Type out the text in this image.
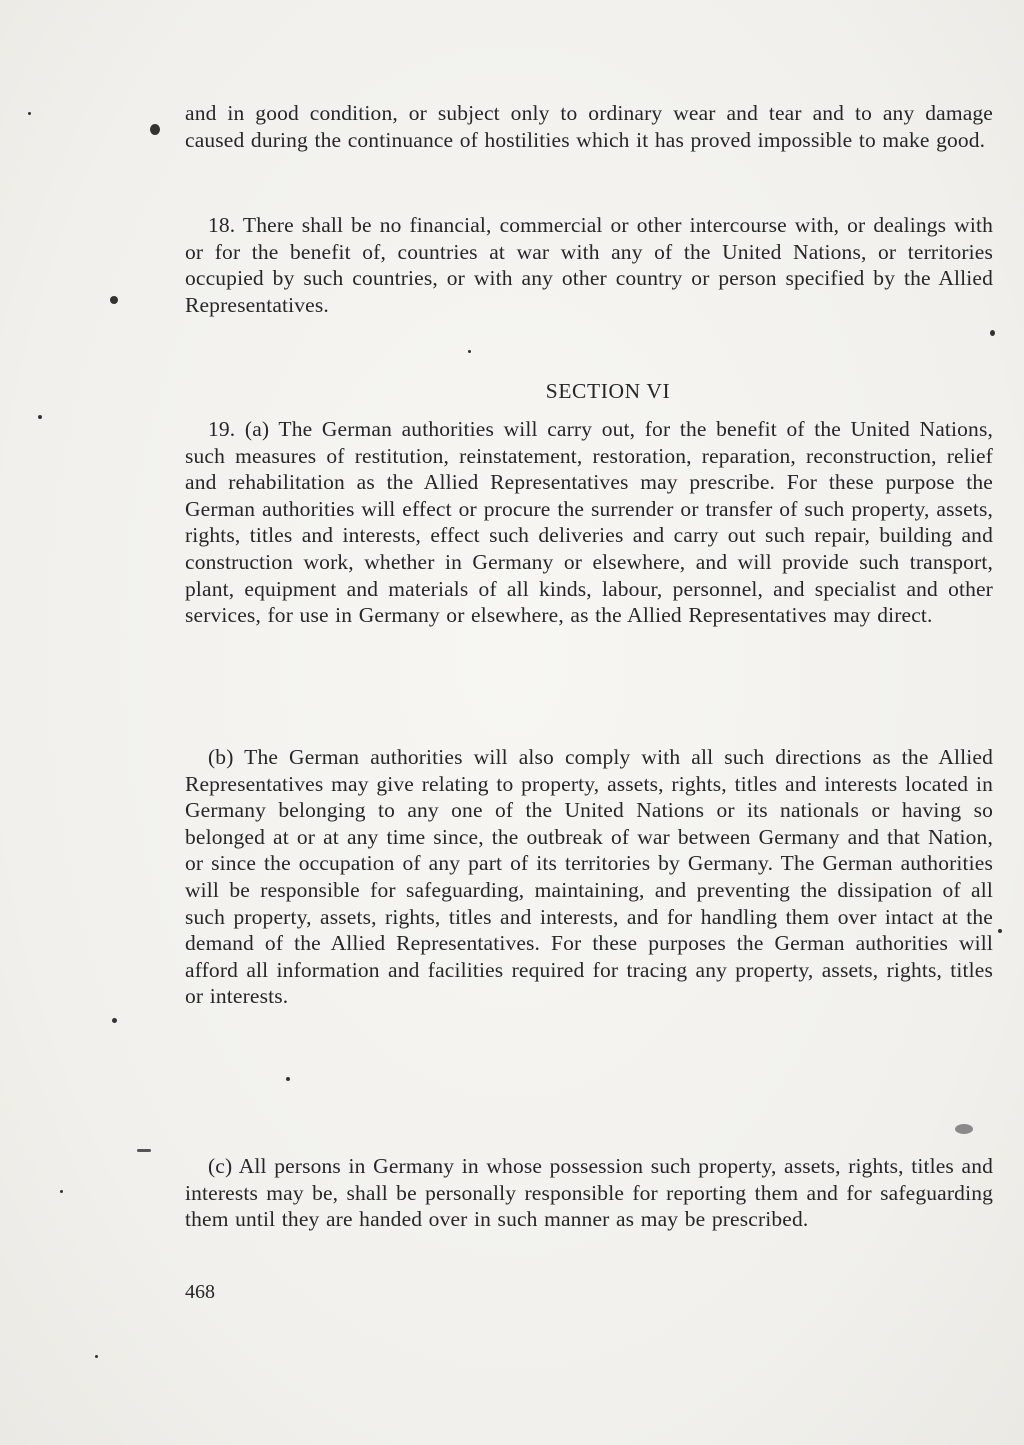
and in good condition, or subject only to ordinary wear and tear and to any damage caused during the continuance of hostilities which it has proved impossible to make good.

18. There shall be no financial, commercial or other intercourse with, or dealings with or for the benefit of, countries at war with any of the United Nations, or territories occupied by such countries, or with any other country or person specified by the Allied Representatives.

SECTION VI

19. (a) The German authorities will carry out, for the benefit of the United Nations, such measures of restitution, reinstatement, restoration, reparation, reconstruction, relief and rehabilitation as the Allied Representatives may prescribe. For these purpose the German authorities will effect or procure the surrender or transfer of such property, assets, rights, titles and interests, effect such deliveries and carry out such repair, building and construction work, whether in Germany or elsewhere, and will provide such transport, plant, equipment and materials of all kinds, labour, personnel, and specialist and other services, for use in Germany or elsewhere, as the Allied Representatives may direct.

(b) The German authorities will also comply with all such directions as the Allied Representatives may give relating to property, assets, rights, titles and interests located in Germany belonging to any one of the United Nations or its nationals or having so belonged at or at any time since, the outbreak of war between Germany and that Nation, or since the occupation of any part of its territories by Germany. The German authorities will be responsible for safeguarding, maintaining, and preventing the dissipation of all such property, assets, rights, titles and interests, and for handling them over intact at the demand of the Allied Representatives. For these purposes the German authorities will afford all information and facilities required for tracing any property, assets, rights, titles or interests.

(c) All persons in Germany in whose possession such property, assets, rights, titles and interests may be, shall be personally responsible for reporting them and for safeguarding them until they are handed over in such manner as may be prescribed.

468
